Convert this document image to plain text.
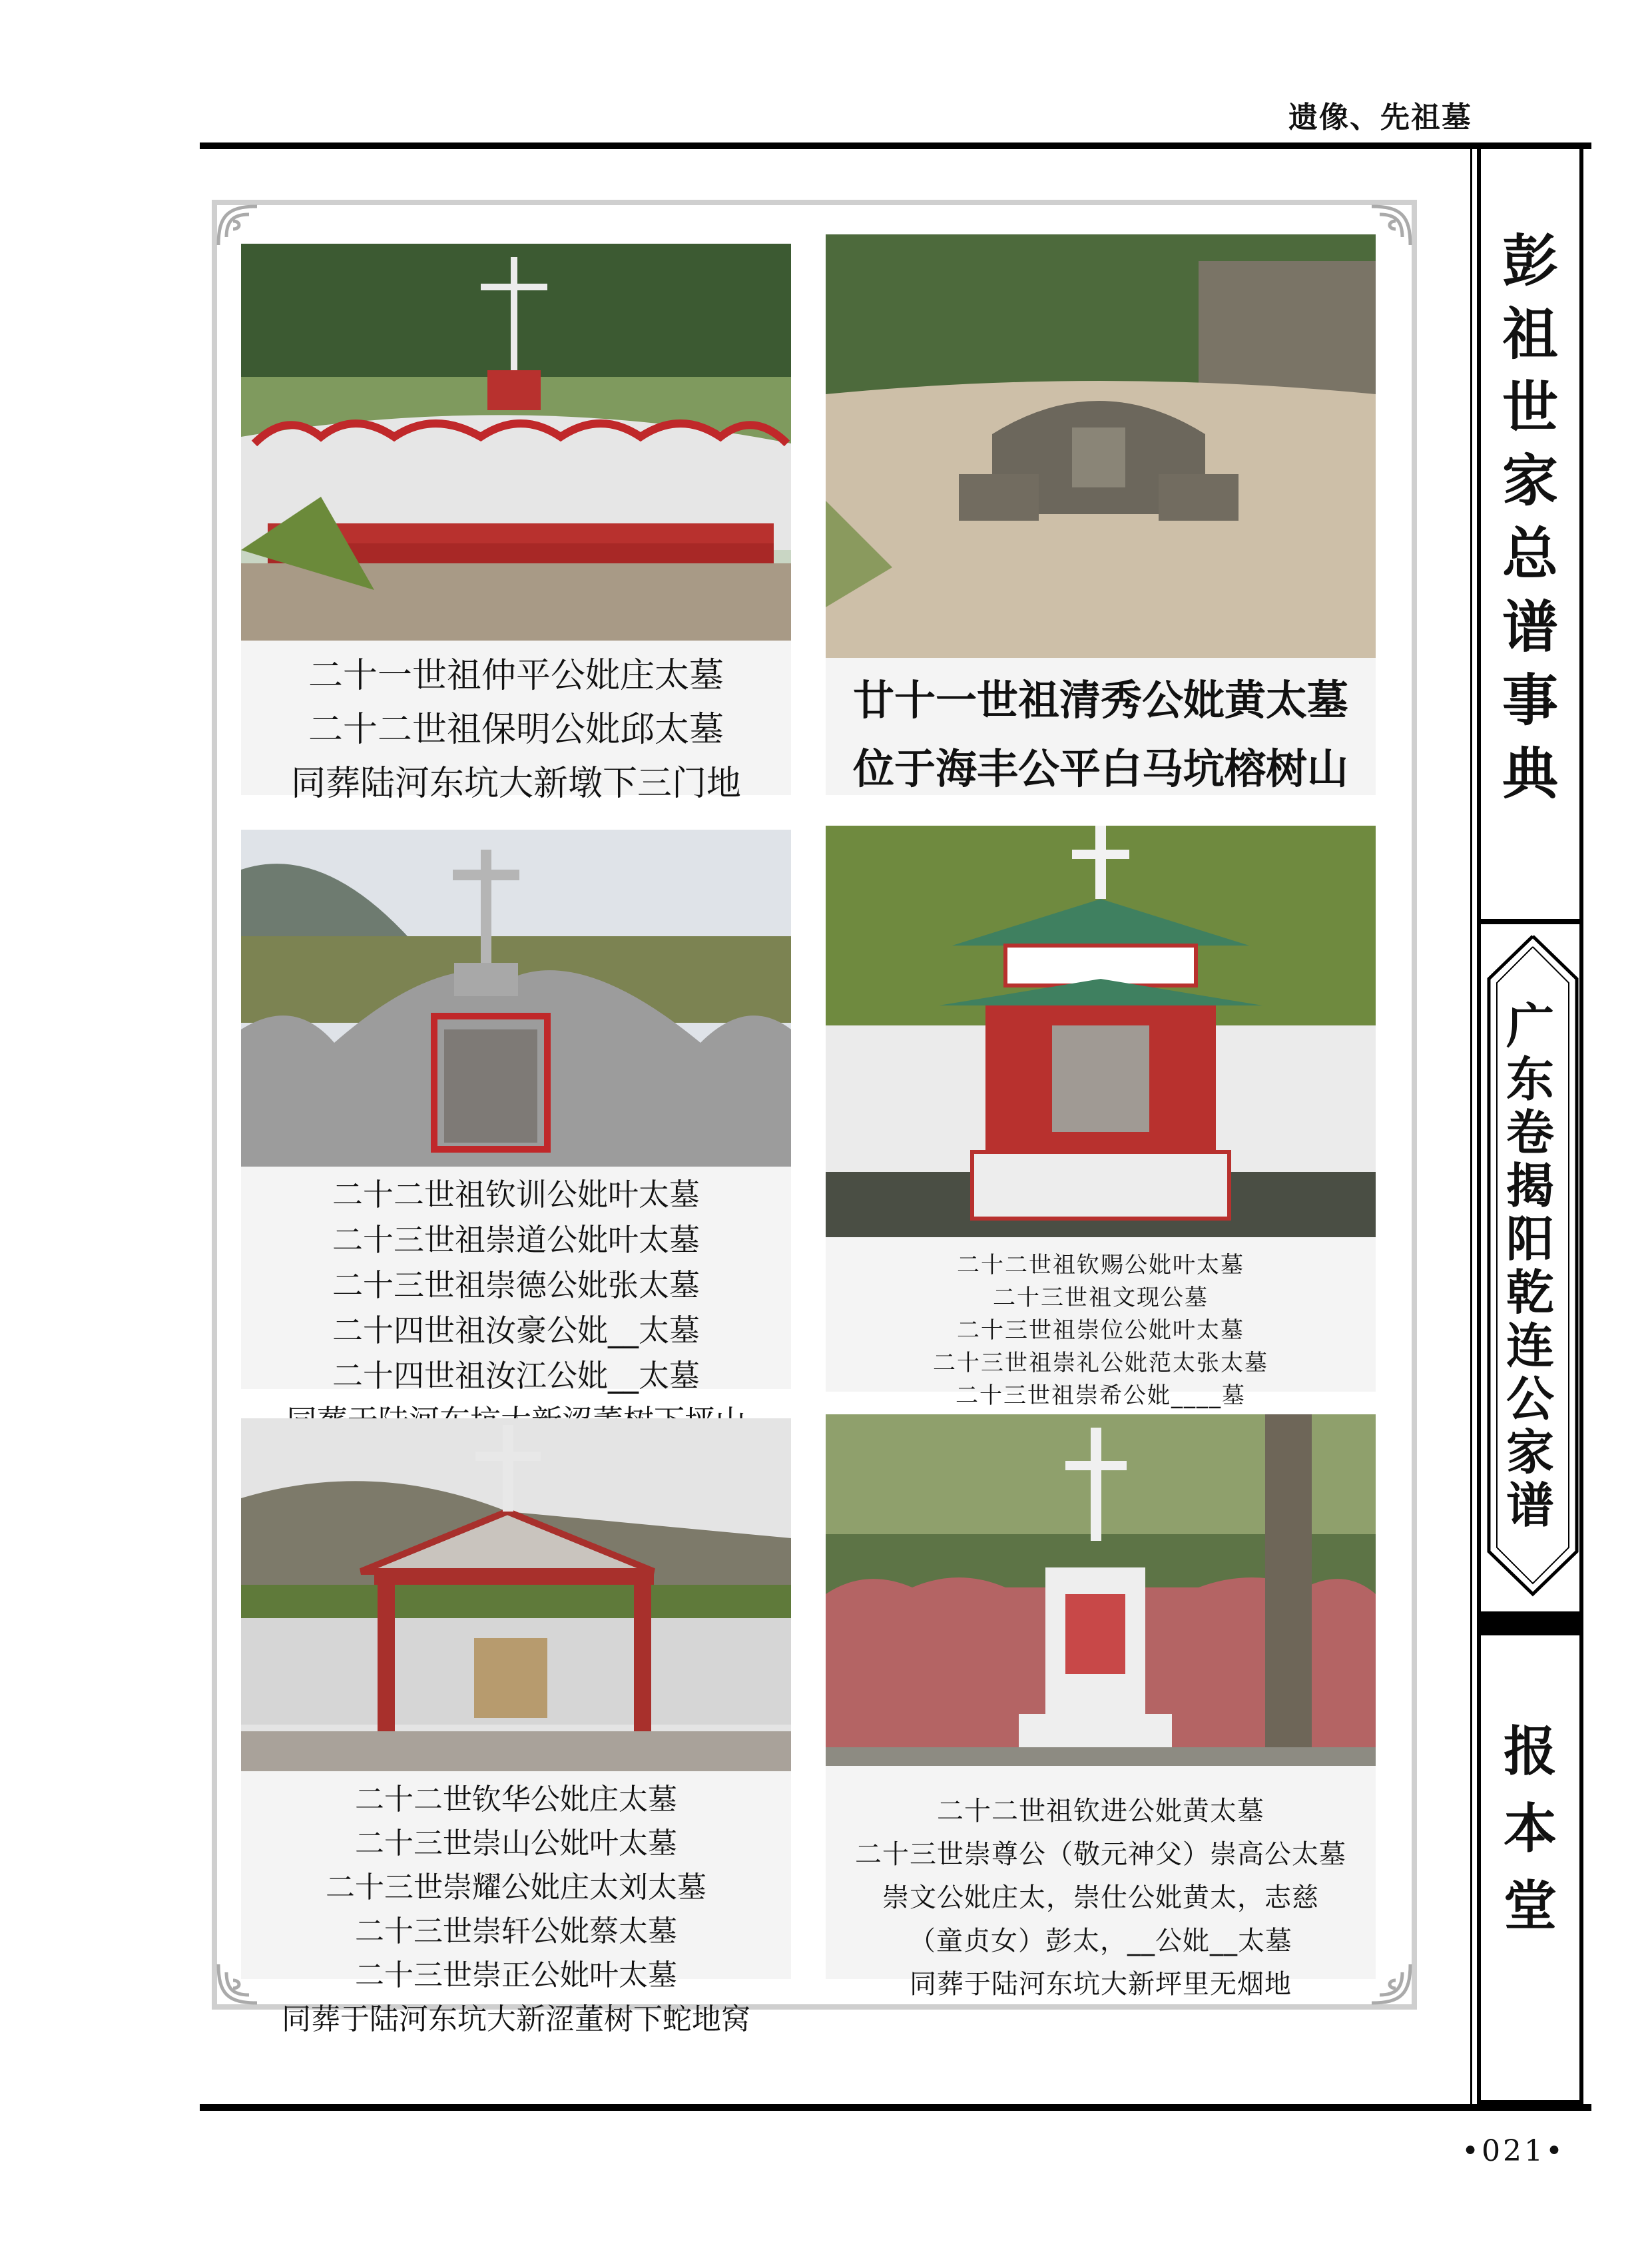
遗像、先祖墓
彭
祖
世
家
总
谱
事
典
广
东
卷
揭
阳
乾
连
公
家
谱
报
本
堂
二十一世祖仲平公妣庄太墓
二十二世祖保明公妣邱太墓
同葬陆河东坑大新墩下三门地
廿十一世祖清秀公妣黄太墓
位于海丰公平白马坑榕树山
二十二世祖钦训公妣叶太墓
二十三世祖崇道公妣叶太墓
二十三世祖崇德公妣张太墓
二十四世祖汝豪公妣__太墓
二十四世祖汝江公妣__太墓
二十二世祖钦赐公妣叶太墓
二十三世祖文现公墓
二十三世祖崇位公妣叶太墓
二十三世祖崇礼公妣范太张太墓
二十三世祖崇希公妣____墓
二十二世钦华公妣庄太墓
二十三世崇山公妣叶太墓
二十三世崇耀公妣庄太刘太墓
二十三世崇轩公妣蔡太墓
二十三世崇正公妣叶太墓
同葬于陆河东坑大新涩董树下蛇地窝
二十二世祖钦进公妣黄太墓
二十三世崇尊公（敬元神父）崇高公太墓
崇文公妣庄太，崇仕公妣黄太，志慈
（童贞女）彭太，__公妣__太墓
同葬于陆河东坑大新坪里无烟地
•021•
